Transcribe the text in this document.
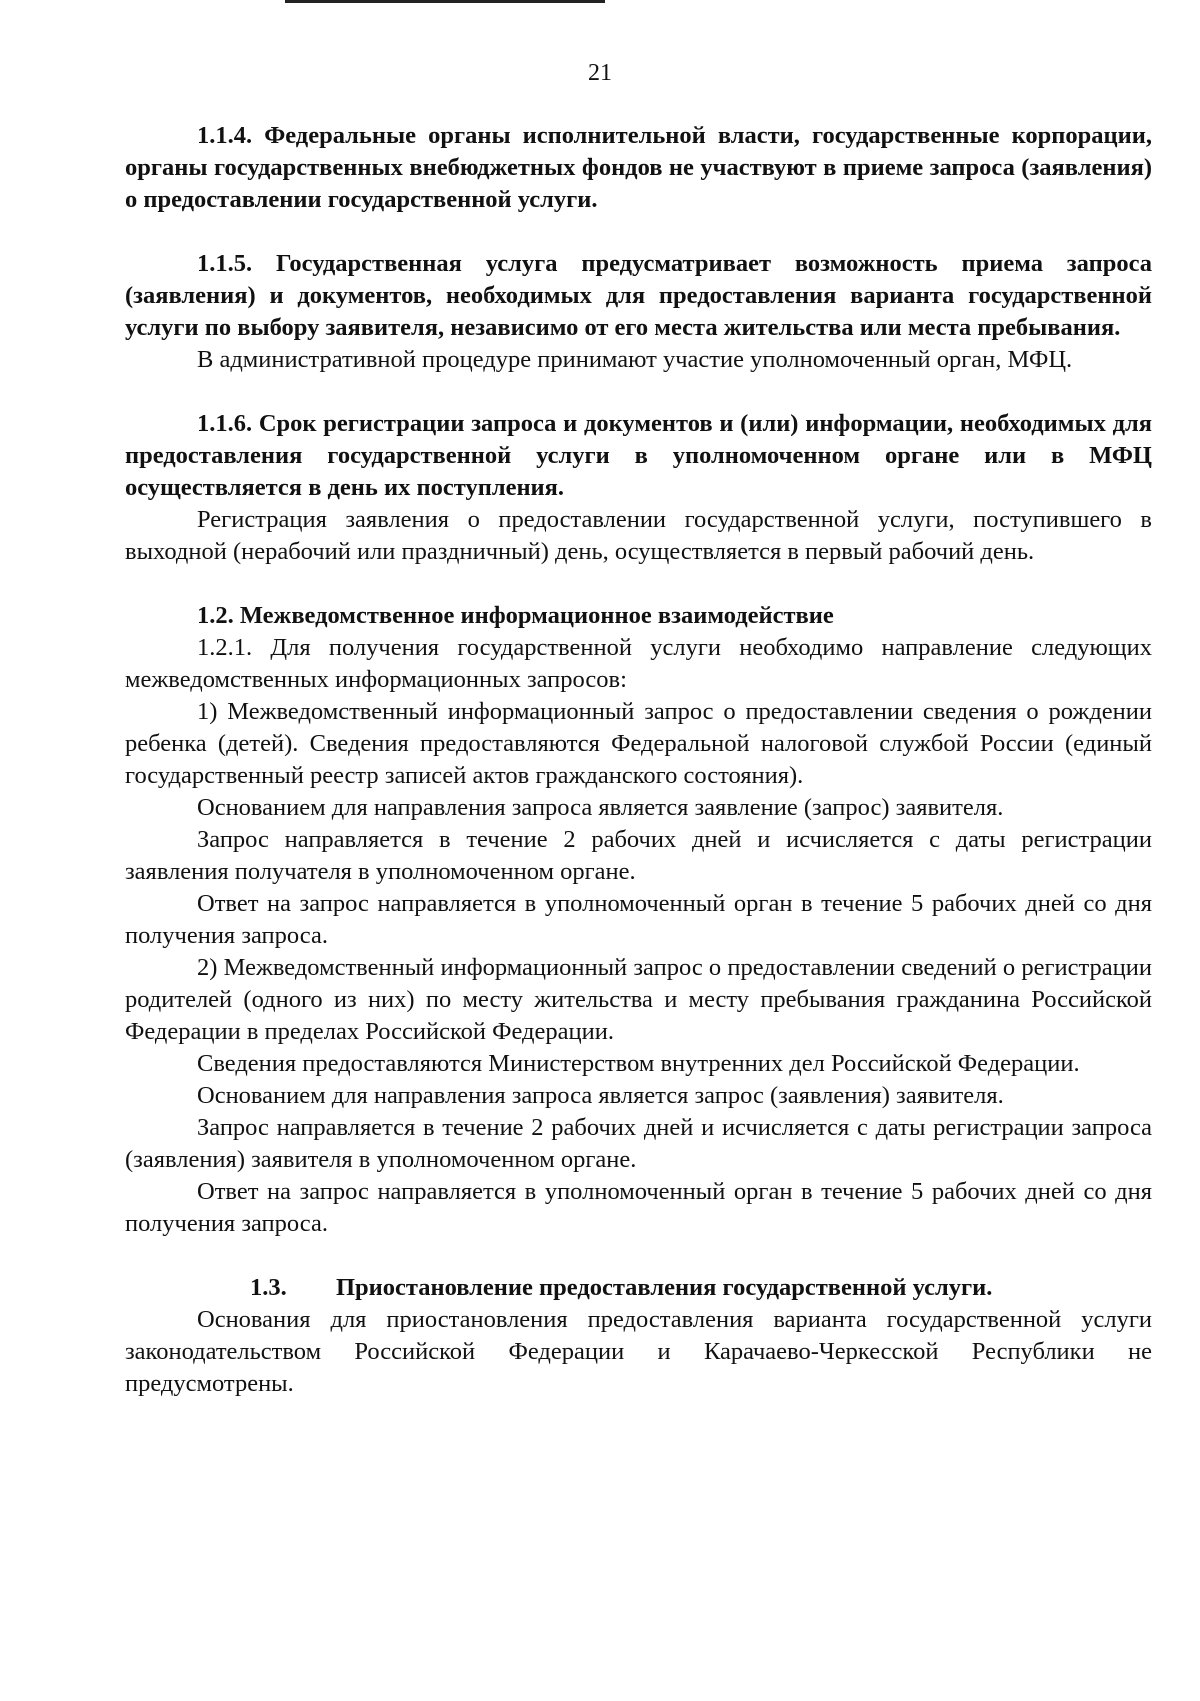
21

1.1.4. Федеральные органы исполнительной власти, государственные корпорации, органы государственных внебюджетных фондов не участвуют в приеме запроса (заявления) о предоставлении государственной услуги.

1.1.5. Государственная услуга предусматривает возможность приема запроса (заявления) и документов, необходимых для предоставления варианта государственной услуги по выбору заявителя, независимо от его места жительства или места пребывания.

В административной процедуре принимают участие уполномоченный орган, МФЦ.

1.1.6. Срок регистрации запроса и документов и (или) информации, необходимых для предоставления государственной услуги в уполномоченном органе или в МФЦ осуществляется в день их поступления.

Регистрация заявления о предоставлении государственной услуги, поступившего в выходной (нерабочий или праздничный) день, осуществляется в первый рабочий день.

1.2. Межведомственное информационное взаимодействие

1.2.1. Для получения государственной услуги необходимо направление следующих межведомственных информационных запросов:

1) Межведомственный информационный запрос о предоставлении сведения о рождении ребенка (детей). Сведения предоставляются Федеральной налоговой службой России (единый государственный реестр записей актов гражданского состояния).

Основанием для направления запроса является заявление (запрос) заявителя.

Запрос направляется в течение 2 рабочих дней и исчисляется с даты регистрации заявления получателя в уполномоченном органе.

Ответ на запрос направляется в уполномоченный орган в течение 5 рабочих дней со дня получения запроса.

2) Межведомственный информационный запрос о предоставлении сведений о регистрации родителей (одного из них) по месту жительства и месту пребывания гражданина Российской Федерации в пределах Российской Федерации.

Сведения предоставляются Министерством внутренних дел Российской Федерации.

Основанием для направления запроса является запрос (заявления) заявителя.

Запрос направляется в течение 2 рабочих дней и исчисляется с даты регистрации запроса (заявления) заявителя в уполномоченном органе.

Ответ на запрос направляется в уполномоченный орган в течение 5 рабочих дней со дня получения запроса.

1.3. Приостановление предоставления государственной услуги.

Основания для приостановления предоставления варианта государственной услуги законодательством Российской Федерации и Карачаево-Черкесской Республики не предусмотрены.
